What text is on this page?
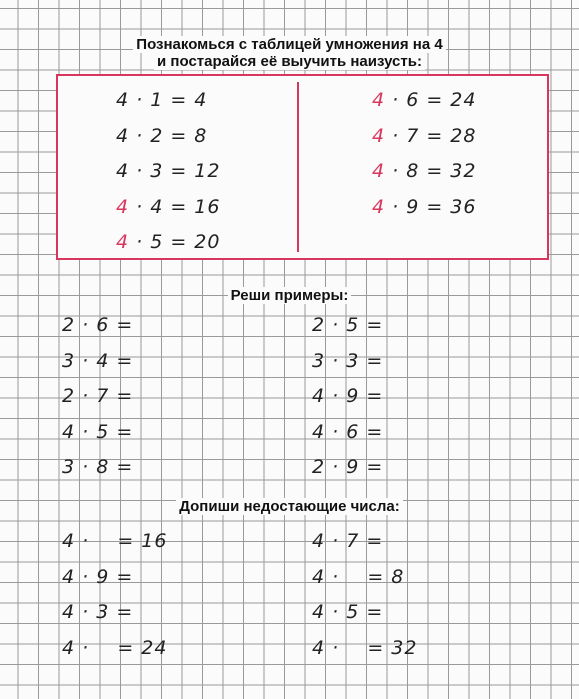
Познакомься с таблицей умножения на 4
и постарайся её выучить наизусть:
4 · 1 = 4
4 · 2 = 8
4 · 3 = 12
4 · 4 = 16
4 · 5 = 20
4 · 6 = 24
4 · 7 = 28
4 · 8 = 32
4 · 9 = 36
Реши примеры:
2 · 6 =
3 · 4 =
2 · 7 =
4 · 5 =
3 · 8 =
2 · 5 =
3 · 3 =
4 · 9 =
4 · 6 =
2 · 9 =
Допиши недостающие числа:
4 ·    = 16
4 · 9 =
4 · 3 =
4 ·    = 24
4 · 7 =
4 ·    = 8
4 · 5 =
4 ·    = 32
